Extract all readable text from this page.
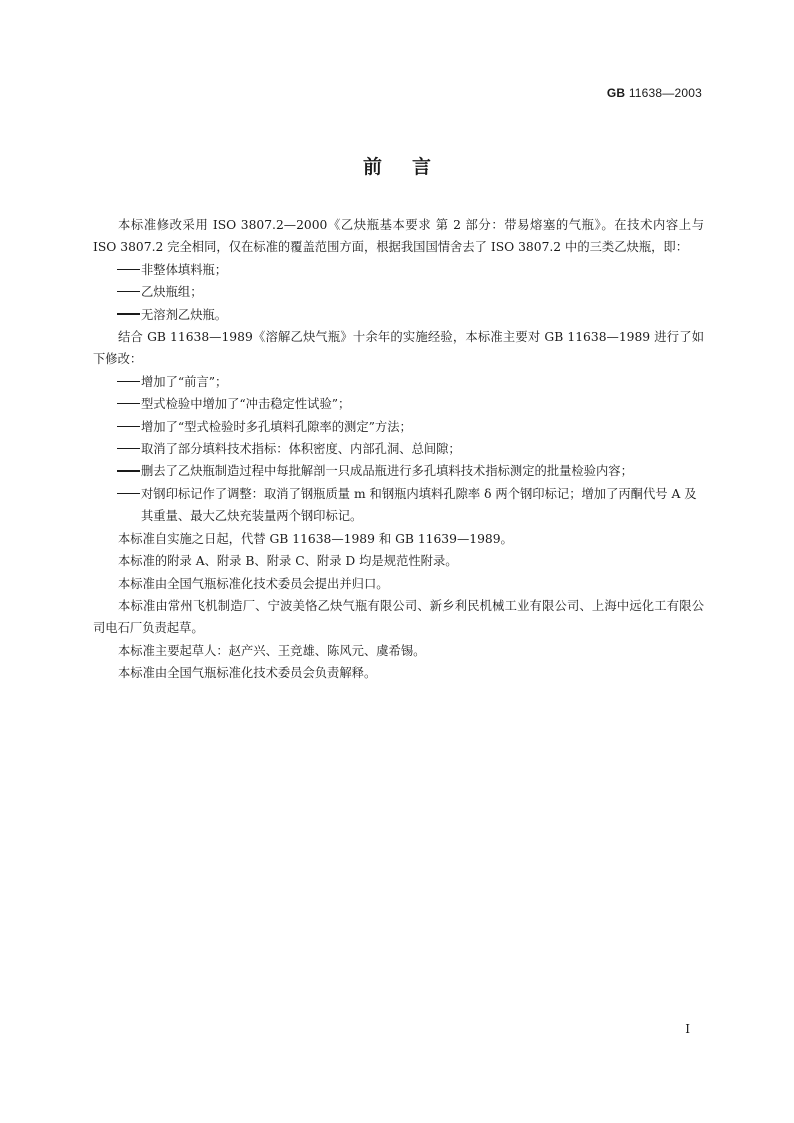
GB 11638—2003
前言

本标准修改采用 ISO 3807.2—2000《乙炔瓶基本要求 第 2 部分：带易熔塞的气瓶》。在技术内容上与 ISO 3807.2 完全相同，仅在标准的覆盖范围方面，根据我国国情舍去了 ISO 3807.2 中的三类乙炔瓶，即：

非整体填料瓶；

乙炔瓶组；

无溶剂乙炔瓶。

结合 GB 11638—1989《溶解乙炔气瓶》十余年的实施经验，本标准主要对 GB 11638—1989 进行了如下修改：

增加了“前言”；

型式检验中增加了“冲击稳定性试验”；

增加了“型式检验时多孔填料孔隙率的测定”方法；

取消了部分填料技术指标：体积密度、内部孔洞、总间隙；

删去了乙炔瓶制造过程中每批解剖一只成品瓶进行多孔填料技术指标测定的批量检验内容；

对钢印标记作了调整：取消了钢瓶质量 m 和钢瓶内填料孔隙率 δ 两个钢印标记；增加了丙酮代号 A 及其重量、最大乙炔充装量两个钢印标记。

本标准自实施之日起，代替 GB 11638—1989 和 GB 11639—1989。

本标准的附录 A、附录 B、附录 C、附录 D 均是规范性附录。

本标准由全国气瓶标准化技术委员会提出并归口。

本标准由常州飞机制造厂、宁波美恪乙炔气瓶有限公司、新乡利民机械工业有限公司、上海中远化工有限公司电石厂负责起草。

本标准主要起草人：赵产兴、王竞雄、陈风元、虞希锡。

本标准由全国气瓶标准化技术委员会负责解释。

I
